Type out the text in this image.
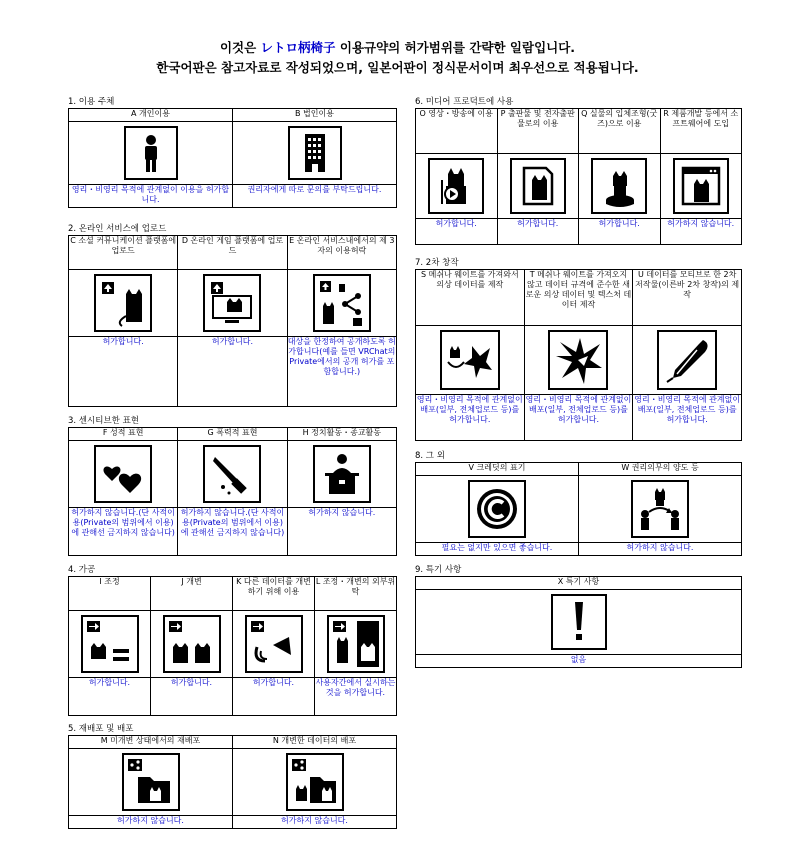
이것은 レトロ柄椅子 이용규약의 허가범위를 간략한 일람입니다.
한국어판은 참고자료로 작성되었으며, 일본어판이 정식문서이며 최우선으로 적용됩니다.
1. 이용 주체
A 개인이용	B 법인이용

영리・비영리 목적에 관계없이 이용을 허가합니다.	권리자에게 따로 문의를 부탁드립니다.
2. 온라인 서비스에 업로드
C 소셜 커뮤니케이션 플랫폼에 업로드	D 온라인 게임 플랫폼에 업로드	E 온라인 서비스내에서의 제 3자의 이용허락

허가합니다.	허가합니다.	대상을 한정하여 공개하도록 허가합니다(예를 들면 VRChat의 Private에서의 공개 허가를 포함합니다.)
3. 센시티브한 표현
F 성적 표현	G 폭력적 표현	H 정치활동・종교활동

허가하지 않습니다.(단 사적이용(Private의 범위에서 이용)에 관해선 금지하지 않습니다)	허가하지 않습니다.(단 사적이용(Private의 범위에서 이용)에 관해선 금지하지 않습니다)	허가하지 않습니다.
4. 가공
I 조정	J 개변	K 다른 데이터를 개변하기 위해 이용	L 조정・개변의 외부위탁

허가합니다.	허가합니다.	허가합니다.	사용자간에서 실시하는 것을 허가합니다.
5. 재배포 및 배포
M 미개변 상태에서의 재배포	N 개변한 데이터의 배포

허가하지 않습니다.	허가하지 않습니다.
6. 미디어 프로덕트에 사용
O 영상・방송에 이용	P 출판물 및 전자출판물로의 이용	Q 실물의 입체조형(굿즈)으로 이용	R 제품개발 등에서 소프트웨어에 도입

허가합니다.	허가합니다.	허가합니다.	허가하지 않습니다.
7. 2차 창작
S 메쉬나 웨이트를 가져와서 의상 데이터를 제작	T 메쉬나 웨이트를 가져오지 않고 데이터 규격에 준수한 새로운 의상 데이터 및 텍스처 데이터 제작	U 데이터를 모티브로 한 2차 저작물(이른바 2차 창작)의 제작

영리・비영리 목적에 관계없이 배포(일부, 전체업로드 등)를 허가합니다.	영리・비영리 목적에 관계없이 배포(일부, 전체업로드 등)를 허가합니다.	영리・비영리 목적에 관계없이 배포(일부, 전체업로드 등)를 허가합니다.
8. 그 외
V 크레딧의 표기	W 권리의무의 양도 등

필요는 없지만 있으면 좋습니다.	허가하지 않습니다.
9. 특기 사항
X 특기 사항

없음
